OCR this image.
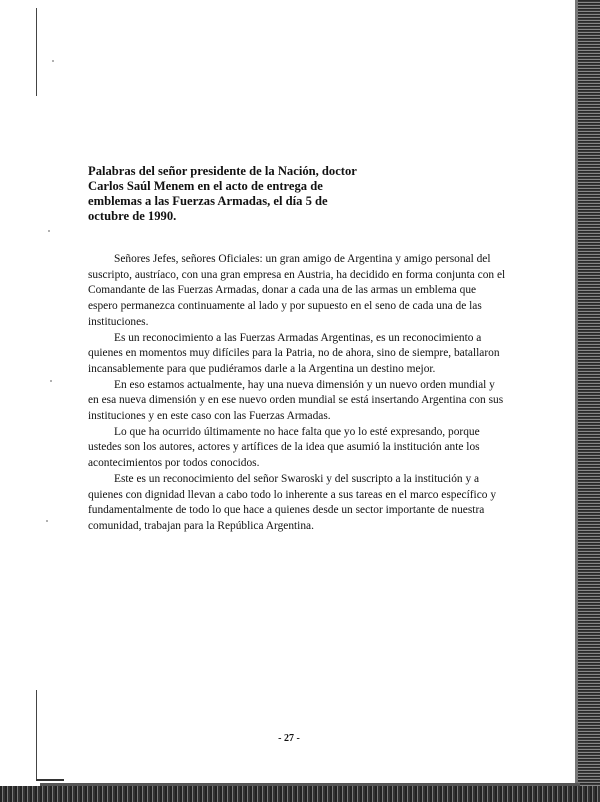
Palabras del señor presidente de la Nación, doctor Carlos Saúl Menem en el acto de entrega de emblemas a las Fuerzas Armadas, el día 5 de octubre de 1990.

Señores Jefes, señores Oficiales: un gran amigo de Argentina y amigo personal del suscripto, austríaco, con una gran empresa en Austria, ha decidido en forma conjunta con el Comandante de las Fuerzas Armadas, donar a cada una de las armas un emblema que espero permanezca continuamente al lado y por supuesto en el seno de cada una de las instituciones.

Es un reconocimiento a las Fuerzas Armadas Argentinas, es un reconocimiento a quienes en momentos muy difíciles para la Patria, no de ahora, sino de siempre, batallaron incansablemente para que pudiéramos darle a la Argentina un destino mejor.

En eso estamos actualmente, hay una nueva dimensión y un nuevo orden mundial y en esa nueva dimensión y en ese nuevo orden mundial se está insertando Argentina con sus instituciones y en este caso con las Fuerzas Armadas.

Lo que ha ocurrido últimamente no hace falta que yo lo esté expresando, porque ustedes son los autores, actores y artífices de la idea que asumió la institución ante los acontecimientos por todos conocidos.

Este es un reconocimiento del señor Swaroski y del suscripto a la institución y a quienes con dignidad llevan a cabo todo lo inherente a sus tareas en el marco específico y fundamentalmente de todo lo que hace a quienes desde un sector importante de nuestra comunidad, trabajan para la República Argentina.

- 27 -
